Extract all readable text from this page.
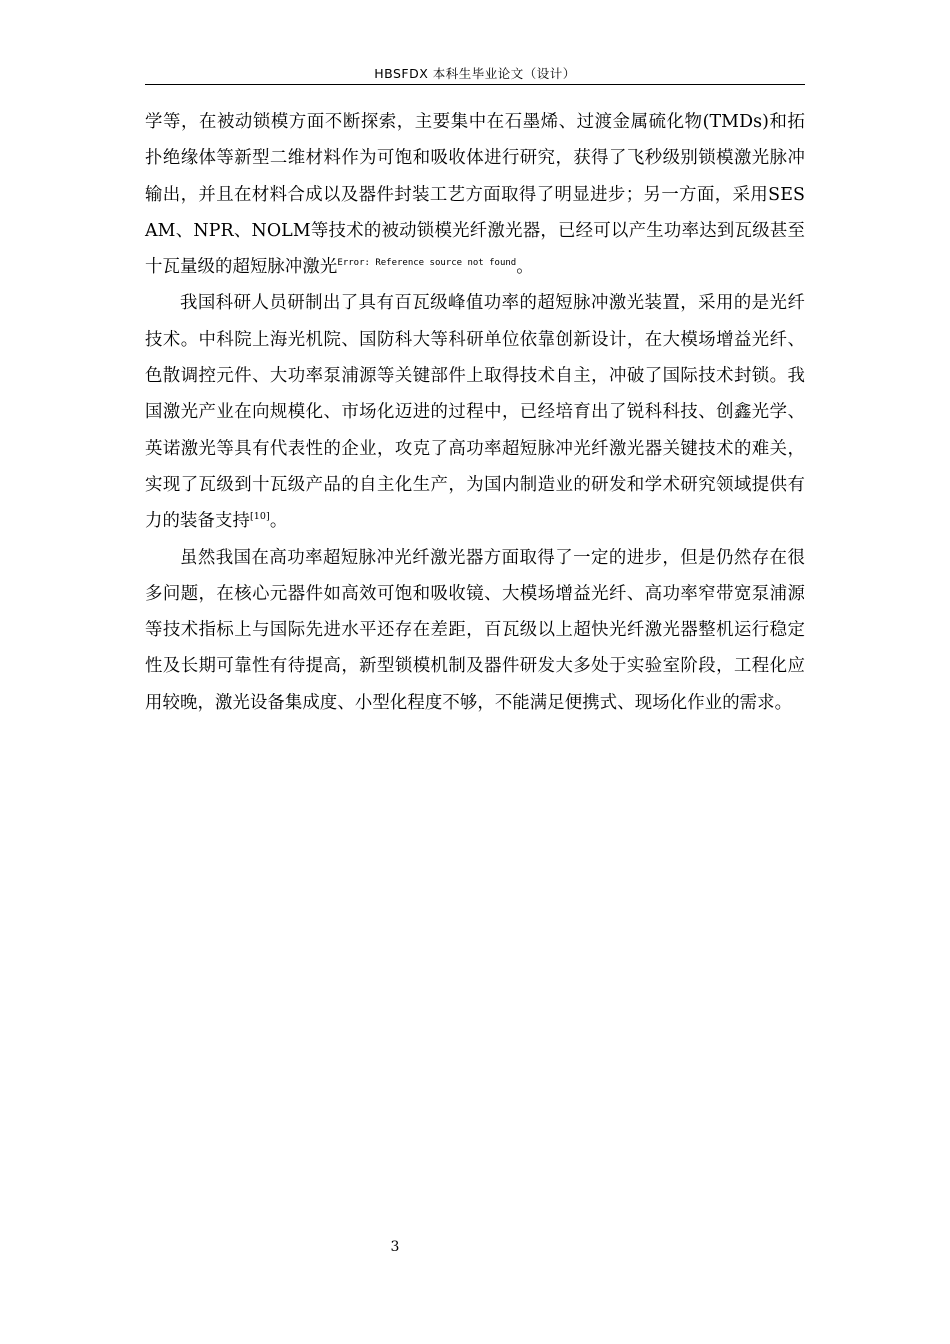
HBSFDX 本科生毕业论文（设计）

学等，在被动锁模方面不断探索，主要集中在石墨烯、过渡金属硫化物(TMDs)和拓扑绝缘体等新型二维材料作为可饱和吸收体进行研究，获得了飞秒级别锁模激光脉冲输出，并且在材料合成以及器件封装工艺方面取得了明显进步；另一方面，采用SESAM、NPR、NOLM等技术的被动锁模光纤激光器，已经可以产生功率达到瓦级甚至十瓦量级的超短脉冲激光$^{Error: Reference source not found}$。

我国科研人员研制出了具有百瓦级峰值功率的超短脉冲激光装置，采用的是光纤技术。中科院上海光机院、国防科大等科研单位依靠创新设计，在大模场增益光纤、色散调控元件、大功率泵浦源等关键部件上取得技术自主，冲破了国际技术封锁。我国激光产业在向规模化、市场化迈进的过程中，已经培育出了锐科科技、创鑫光学、英诺激光等具有代表性的企业，攻克了高功率超短脉冲光纤激光器关键技术的难关，实现了瓦级到十瓦级产品的自主化生产，为国内制造业的研发和学术研究领域提供有力的装备支持[10]。

虽然我国在高功率超短脉冲光纤激光器方面取得了一定的进步，但是仍然存在很多问题，在核心元器件如高效可饱和吸收镜、大模场增益光纤、高功率窄带宽泵浦源等技术指标上与国际先进水平还存在差距，百瓦级以上超快光纤激光器整机运行稳定性及长期可靠性有待提高，新型锁模机制及器件研发大多处于实验室阶段，工程化应用较晚，激光设备集成度、小型化程度不够，不能满足便携式、现场化作业的需求。

3
